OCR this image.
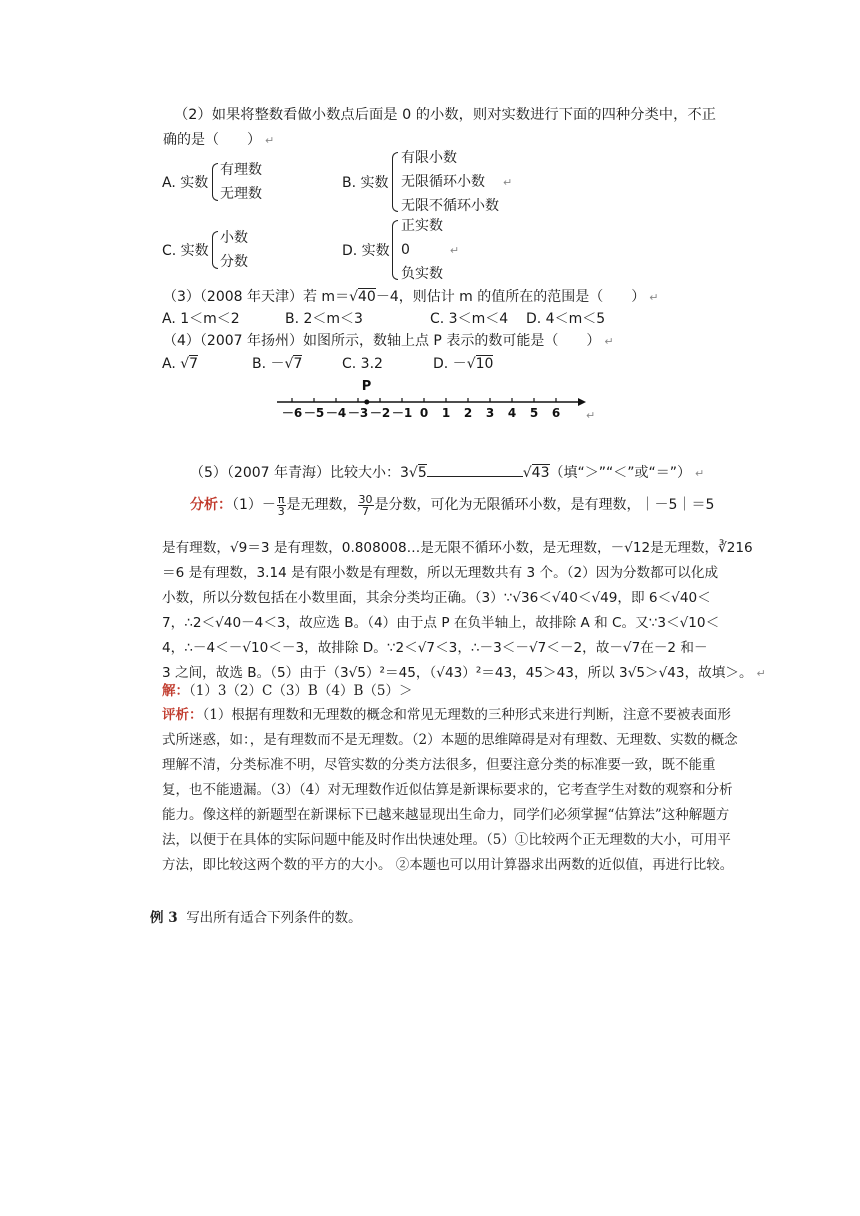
（2）如果将整数看做小数点后面是 0 的小数，则对实数进行下面的四种分类中，不正
确的是（　　） ↵
A. 实数
有理数
无理数
B. 实数
有限小数
无限循环小数 ↵
无限不循环小数
C. 实数
小数
分数
D. 实数
正实数
0	↵
负实数
（3）（2008 年天津）若 m＝√40－4，则估计 m 的值所在的范围是（　　） ↵
A. 1＜m＜2	B. 2＜m＜3	C. 3＜m＜4 D. 4＜m＜5
（4）（2007 年扬州）如图所示，数轴上点 P 表示的数可能是（　　） ↵
A. √7	B. －√7	C. 3.2	D. －√10
－6 －5 －4 －3 －2 －1 0 1 2 3 4 5 6
P
↵
（5）（2007 年青海）比较大小：3√5	√43（填“＞”“＜”或“＝”） ↵
分析：$(1)- \frac{\pi}{3}$ 是无理数， $\frac{30}{7}$ 是分数，可化为无限循环小数，是有理数，｜－5｜＝5
是有理数，√9＝3 是有理数，0.808008…是无限不循环小数，是无理数，－√12是无理数，∛216
＝6 是有理数，3.14 是有限小数是有理数，所以无理数共有 3 个。（2）因为分数都可以化成
小数，所以分数包括在小数里面，其余分类均正确。（3）∵√36＜√40＜√49，即 6＜√40＜
7，∴2＜√40－4＜3，故应选 B。（4）由于点 P 在负半轴上，故排除 A 和 C。又∵3＜√10＜
4，∴－4＜－√10＜－3，故排除 D。∵2＜√7＜3，∴－3＜－√7＜－2，故－√7在－2 和－
3 之间，故选 B。（5）由于（3√5）²＝45，（√43）²＝43，45＞43，所以 3√5＞√43，故填＞。 ↵
解：（1）3（2）C（3）B（4）B（5）＞
评析：（1）根据有理数和无理数的概念和常见无理数的三种形式来进行判断，注意不要被表面形式所迷惑，如：，是有理数而不是无理数。（2）本题的思维障碍是对有理数、无理数、实数的概念理解不清，分类标准不明，尽管实数的分类方法很多，但要注意分类的标准要一致，既不能重复，也不能遗漏。（3）（4）对无理数作近似估算是新课标要求的，它考查学生对数的观察和分析能力。像这样的新题型在新课标下已越来越显现出生命力，同学们必须掌握“估算法”这种解题方法，以便于在具体的实际问题中能及时作出快速处理。（5）①比较两个正无理数的大小，可用平方法，即比较这两个数的平方的大小。 ②本题也可以用计算器求出两数的近似值，再进行比较。
例 3 写出所有适合下列条件的数。
